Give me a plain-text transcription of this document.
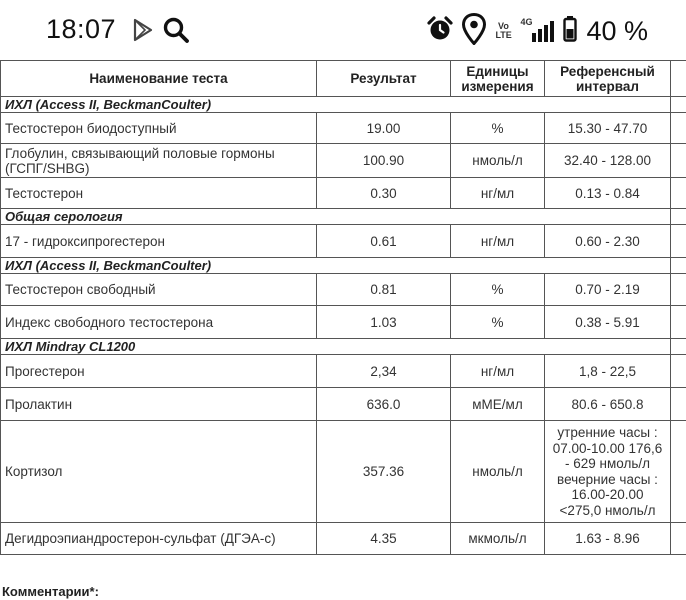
18:07	Vo
LTE
4G 40 %
Наименование теста	Результат	Единицы измерения	Референсный интервал	
ИХЛ (Access II, BeckmanCoulter)				
Тестостерон биодоступный	19.00	%	15.30 - 47.70	
Глобулин, связывающий половые гормоны (ГСПГ/SHBG)	100.90	нмоль/л	32.40 - 128.00	
Тестостерон	0.30	нг/мл	0.13 - 0.84	
Общая серология				
17 - гидроксипрогестерон	0.61	нг/мл	0.60 - 2.30	
ИХЛ (Access II, BeckmanCoulter)				
Тестостерон свободный	0.81	%	0.70 - 2.19	
Индекс свободного тестостерона	1.03	%	0.38 - 5.91	
ИХЛ Mindray CL1200				
Прогестерон	2,34	нг/мл	1,8 - 22,5	
Пролактин	636.0	мМЕ/мл	80.6 - 650.8	
Кортизол	357.36	нмоль/л	утренние часы : 07.00-10.00 176,6 - 629 нмоль/л вечерние часы : 16.00-20.00 <275,0 нмоль/л	
Дегидроэпиандростерон-сульфат (ДГЭА-с)	4.35	мкмоль/л	1.63 - 8.96	
Комментарии*:
